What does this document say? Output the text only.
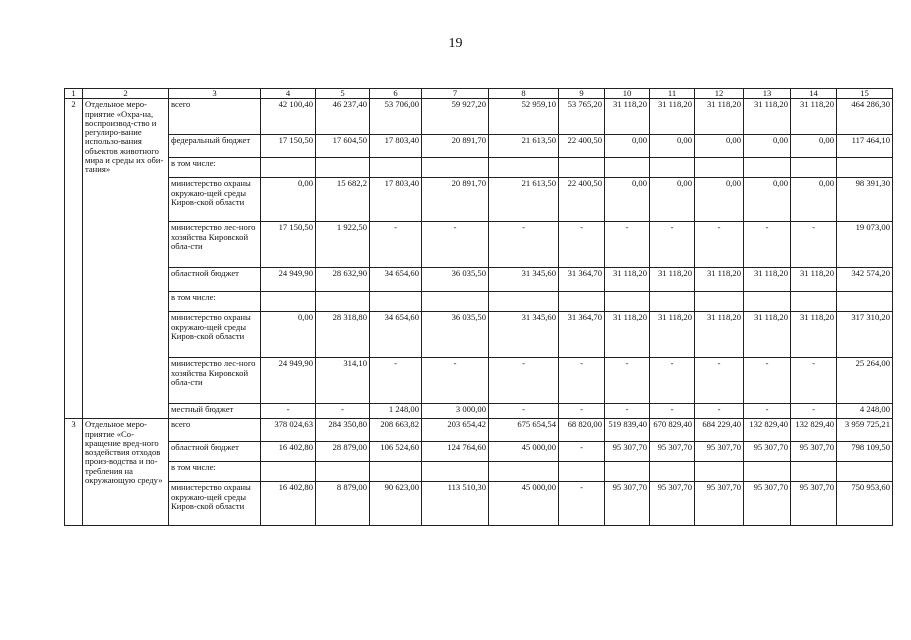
19
1	2	3	4	5	6	7	8	9	10	11	12	13	14	15
2	Отдельное меро-приятие «Охра-на, воспроизвод-ство и регулиро-вание использо-вания объектов животного мира и среды их оби-тания»	всего	42 100,40	46 237,40	53 706,00	59 927,20	52 959,10	53 765,20	31 118,20	31 118,20	31 118,20	31 118,20	31 118,20	464 286,30
		федеральный бюджет	17 150,50	17 604,50	17 803,40	20 891,70	21 613,50	22 400,50	0,00	0,00	0,00	0,00	0,00	117 464,10
		в том числе:												
		министерство охраны окружаю-щей среды Киров-ской области	0,00	15 682,2	17 803,40	20 891,70	21 613,50	22 400,50	0,00	0,00	0,00	0,00	0,00	98 391,30
		министерство лес-ного хозяйства Кировской обла-сти	17 150,50	1 922,50	-	-	-	-	-	-	-	-	-	19 073,00
		областной бюджет	24 949,90	28 632,90	34 654,60	36 035,50	31 345,60	31 364,70	31 118,20	31 118,20	31 118,20	31 118,20	31 118,20	342 574,20
		в том числе:												
		министерство охраны окружаю-щей среды Киров-ской области	0,00	28 318,80	34 654,60	36 035,50	31 345,60	31 364,70	31 118,20	31 118,20	31 118,20	31 118,20	31 118,20	317 310,20
		министерство лес-ного хозяйства Кировской обла-сти	24 949,90	314,10	-	-	-	-	-	-	-	-	-	25 264,00
		местный бюджет	-	-	1 248,00	3 000,00	-	-	-	-	-	-	-	4 248,00
3	Отдельное меро-приятие «Со-кращение вред-ного воздействия отходов произ-водства и по-требления на окружающую среду»	всего	378 024,63	284 350,80	208 663,82	203 654,42	675 654,54	68 820,00	519 839,40	670 829,40	684 229,40	132 829,40	132 829,40	3 959 725,21
		областной бюджет	16 402,80	28 879,00	106 524,60	124 764,60	45 000,00	-	95 307,70	95 307,70	95 307,70	95 307,70	95 307,70	798 109,50
		в том числе:												
		министерство охраны окружаю-щей среды Киров-ской области	16 402,80	8 879,00	90 623,00	113 510,30	45 000,00	-	95 307,70	95 307,70	95 307,70	95 307,70	95 307,70	750 953,60
